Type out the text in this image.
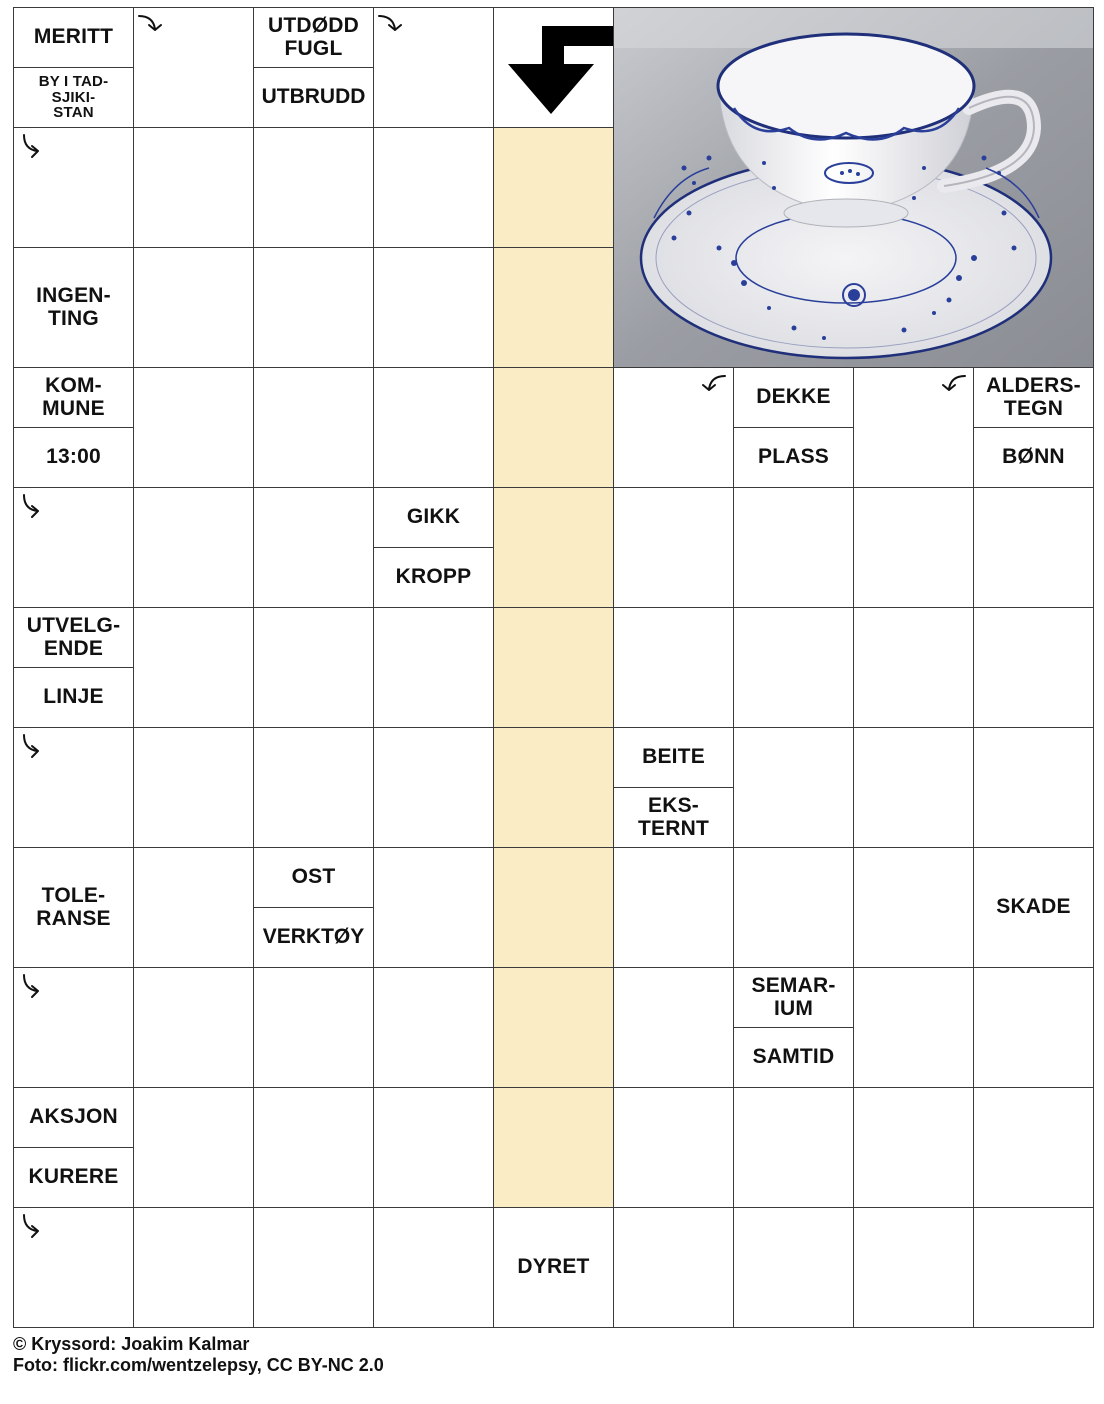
MERITT
BY I TAD-
SJIKI-
STAN
UTDØDD
FUGL
UTBRUDD
INGEN-
TING
KOM-
MUNE
13:00
DEKKE
PLASS
ALDERS-
TEGN
BØNN
GIKK
KROPP
UTVELG-
ENDE
LINJE
BEITE
EKS-
TERNT
TOLE-
RANSE
OST
VERKTØY
SKADE
SEMAR-
IUM
SAMTID
AKSJON
KURERE
DYRET
© Kryssord: Joakim Kalmar
Foto: flickr.com/wentzelepsy, CC BY-NC 2.0
